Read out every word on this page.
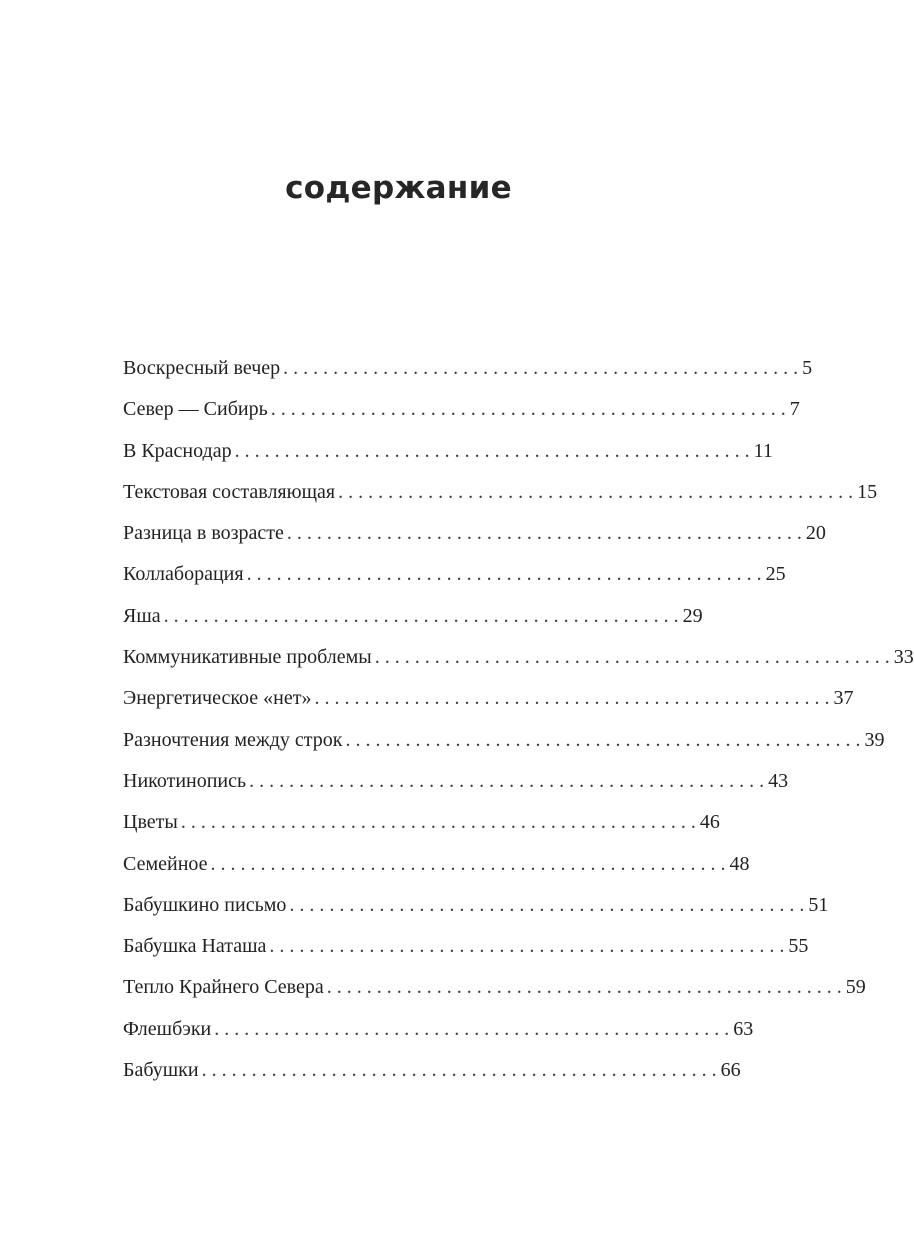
содержание
Воскресный вечер . . . . . . . . . . . . . . . . . . . . . . . . . . . . . . . . . . . . . . . . . . . . . . . . . . . . 5
Север — Сибирь . . . . . . . . . . . . . . . . . . . . . . . . . . . . . . . . . . . . . . . . . . . . . . . . . . . . 7
В Краснодар . . . . . . . . . . . . . . . . . . . . . . . . . . . . . . . . . . . . . . . . . . . . . . . . . . . . 11
Текстовая составляющая . . . . . . . . . . . . . . . . . . . . . . . . . . . . . . . . . . . . . . . . . . . . . . . . . . . . 15
Разница в возрасте . . . . . . . . . . . . . . . . . . . . . . . . . . . . . . . . . . . . . . . . . . . . . . . . . . . . 20
Коллаборация . . . . . . . . . . . . . . . . . . . . . . . . . . . . . . . . . . . . . . . . . . . . . . . . . . . . 25
Яша . . . . . . . . . . . . . . . . . . . . . . . . . . . . . . . . . . . . . . . . . . . . . . . . . . . . 29
Коммуникативные проблемы . . . . . . . . . . . . . . . . . . . . . . . . . . . . . . . . . . . . . . . . . . . . . . . . . . . . 33
Энергетическое «нет» . . . . . . . . . . . . . . . . . . . . . . . . . . . . . . . . . . . . . . . . . . . . . . . . . . . . 37
Разночтения между строк . . . . . . . . . . . . . . . . . . . . . . . . . . . . . . . . . . . . . . . . . . . . . . . . . . . . 39
Никотинопись . . . . . . . . . . . . . . . . . . . . . . . . . . . . . . . . . . . . . . . . . . . . . . . . . . . . 43
Цветы . . . . . . . . . . . . . . . . . . . . . . . . . . . . . . . . . . . . . . . . . . . . . . . . . . . . 46
Семейное . . . . . . . . . . . . . . . . . . . . . . . . . . . . . . . . . . . . . . . . . . . . . . . . . . . . 48
Бабушкино письмо . . . . . . . . . . . . . . . . . . . . . . . . . . . . . . . . . . . . . . . . . . . . . . . . . . . . 51
Бабушка Наташа . . . . . . . . . . . . . . . . . . . . . . . . . . . . . . . . . . . . . . . . . . . . . . . . . . . . 55
Тепло Крайнего Севера . . . . . . . . . . . . . . . . . . . . . . . . . . . . . . . . . . . . . . . . . . . . . . . . . . . . 59
Флешбэки . . . . . . . . . . . . . . . . . . . . . . . . . . . . . . . . . . . . . . . . . . . . . . . . . . . . 63
Бабушки . . . . . . . . . . . . . . . . . . . . . . . . . . . . . . . . . . . . . . . . . . . . . . . . . . . . 66
